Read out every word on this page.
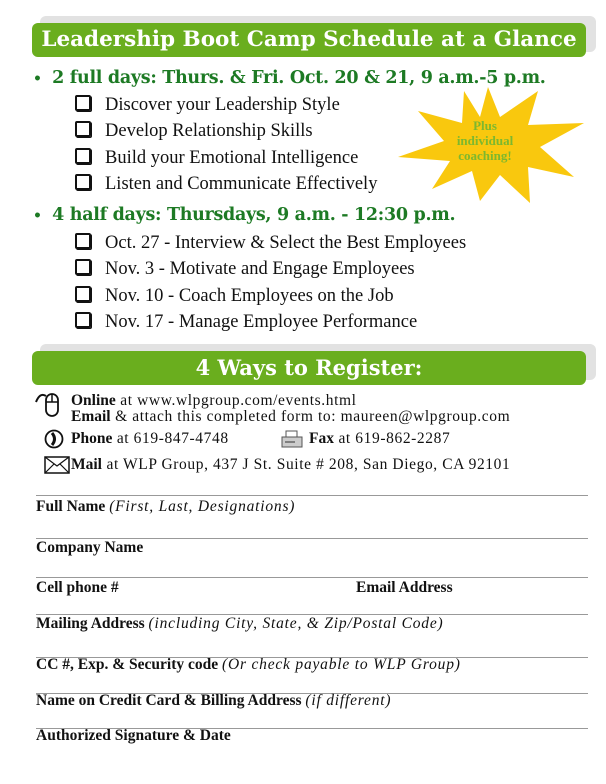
Leadership Boot Camp Schedule at a Glance
Plus
individual
coaching!
• 2 full days: Thurs. & Fri. Oct. 20 & 21, 9 a.m.-5 p.m.
Discover your Leadership Style
Develop Relationship Skills
Build your Emotional Intelligence
Listen and Communicate Effectively
• 4 half days: Thursdays, 9 a.m. - 12:30 p.m.
Oct. 27 - Interview & Select the Best Employees
Nov. 3 - Motivate and Engage Employees
Nov. 10 - Coach Employees on the Job
Nov. 17 - Manage Employee Performance
4 Ways to Register:
Online at www.wlpgroup.com/events.html
Email & attach this completed form to: maureen@wlpgroup.com
Phone at 619-847-4748	Fax at 619-862-2287
Mail at WLP Group, 437 J St. Suite # 208, San Diego, CA 92101
Full Name (First, Last, Designations)
Company Name
Cell phone #	Email Address
Mailing Address (including City, State, & Zip/Postal Code)
CC #, Exp. & Security code (Or check payable to WLP Group)
Name on Credit Card & Billing Address (if different)
Authorized Signature & Date
